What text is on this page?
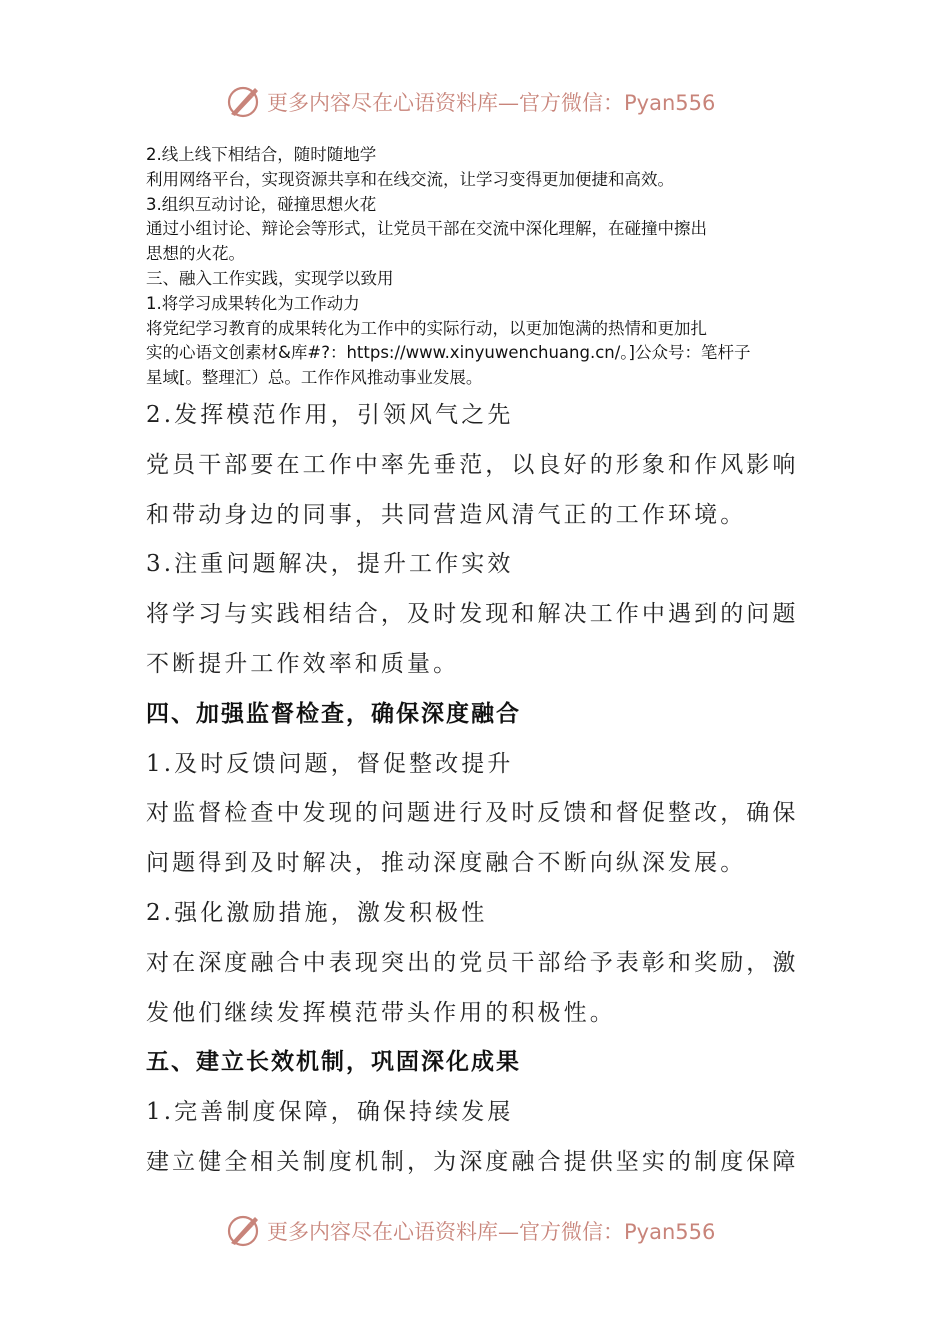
更多内容尽在心语资料库—官方微信：Pyan556

2.线上线下相结合，随时随地学

利用网络平台，实现资源共享和在线交流，让学习变得更加便捷和高效。

3.组织互动讨论，碰撞思想火花

通过小组讨论、辩论会等形式，让党员干部在交流中深化理解，在碰撞中擦出

思想的火花。

三、融入工作实践，实现学以致用

1.将学习成果转化为工作动力

将党纪学习教育的成果转化为工作中的实际行动，以更加饱满的热情和更加扎

实的心语文创素材&库#?：https://www.xinyuwenchuang.cn/。]公众号：笔杆子

星域[。整理汇）总。工作作风推动事业发展。

2.发挥模范作用，引领风气之先

党员干部要在工作中率先垂范，以良好的形象和作风影响

和带动身边的同事，共同营造风清气正的工作环境。

3.注重问题解决，提升工作实效

将学习与实践相结合，及时发现和解决工作中遇到的问题

不断提升工作效率和质量。

四、加强监督检查，确保深度融合

1.及时反馈问题，督促整改提升

对监督检查中发现的问题进行及时反馈和督促整改，确保

问题得到及时解决，推动深度融合不断向纵深发展。

2.强化激励措施，激发积极性

对在深度融合中表现突出的党员干部给予表彰和奖励，激

发他们继续发挥模范带头作用的积极性。

五、建立长效机制，巩固深化成果

1.完善制度保障，确保持续发展

建立健全相关制度机制，为深度融合提供坚实的制度保障

更多内容尽在心语资料库—官方微信：Pyan556
